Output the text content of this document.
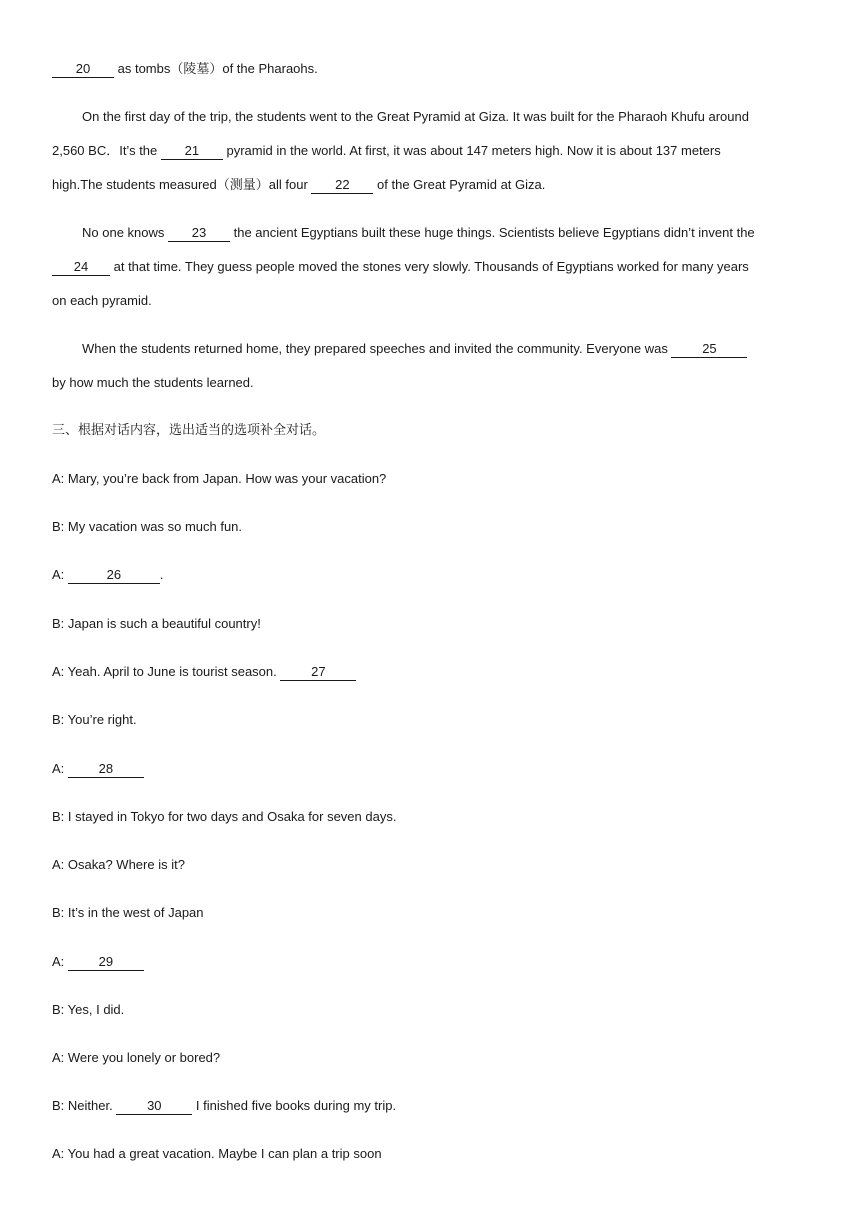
20 as tombs（陵墓）of the Pharaohs.
On the first day of the trip, the students went to the Great Pyramid at Giza. It was built for the Pharaoh Khufu around
2,560 BC．It’s the 21 pyramid in the world. At first, it was about 147 meters high. Now it is about 137 meters
high.The students measured（测量）all four 22 of the Great Pyramid at Giza.
No one knows 23 the ancient Egyptians built these huge things. Scientists believe Egyptians didn’t invent the
24 at that time. They guess people moved the stones very slowly. Thousands of Egyptians worked for many years
on each pyramid.
When the students returned home, they prepared speeches and invited the community. Everyone was 25
by how much the students learned.
三、根据对话内容，选出适当的选项补全对话。
A: Mary, you’re back from Japan. How was your vacation?
B: My vacation was so much fun.
A:	26	.
B: Japan is such a beautiful country!
A: Yeah. April to June is tourist season. 27
B: You’re right.
A: 28
B: I stayed in Tokyo for two days and Osaka for seven days.
A: Osaka? Where is it?
B: It’s in the west of Japan
A: 29
B: Yes, I did.
A: Were you lonely or bored?
B: Neither. 30 I finished five books during my trip.
A: You had a great vacation. Maybe I can plan a trip soon
